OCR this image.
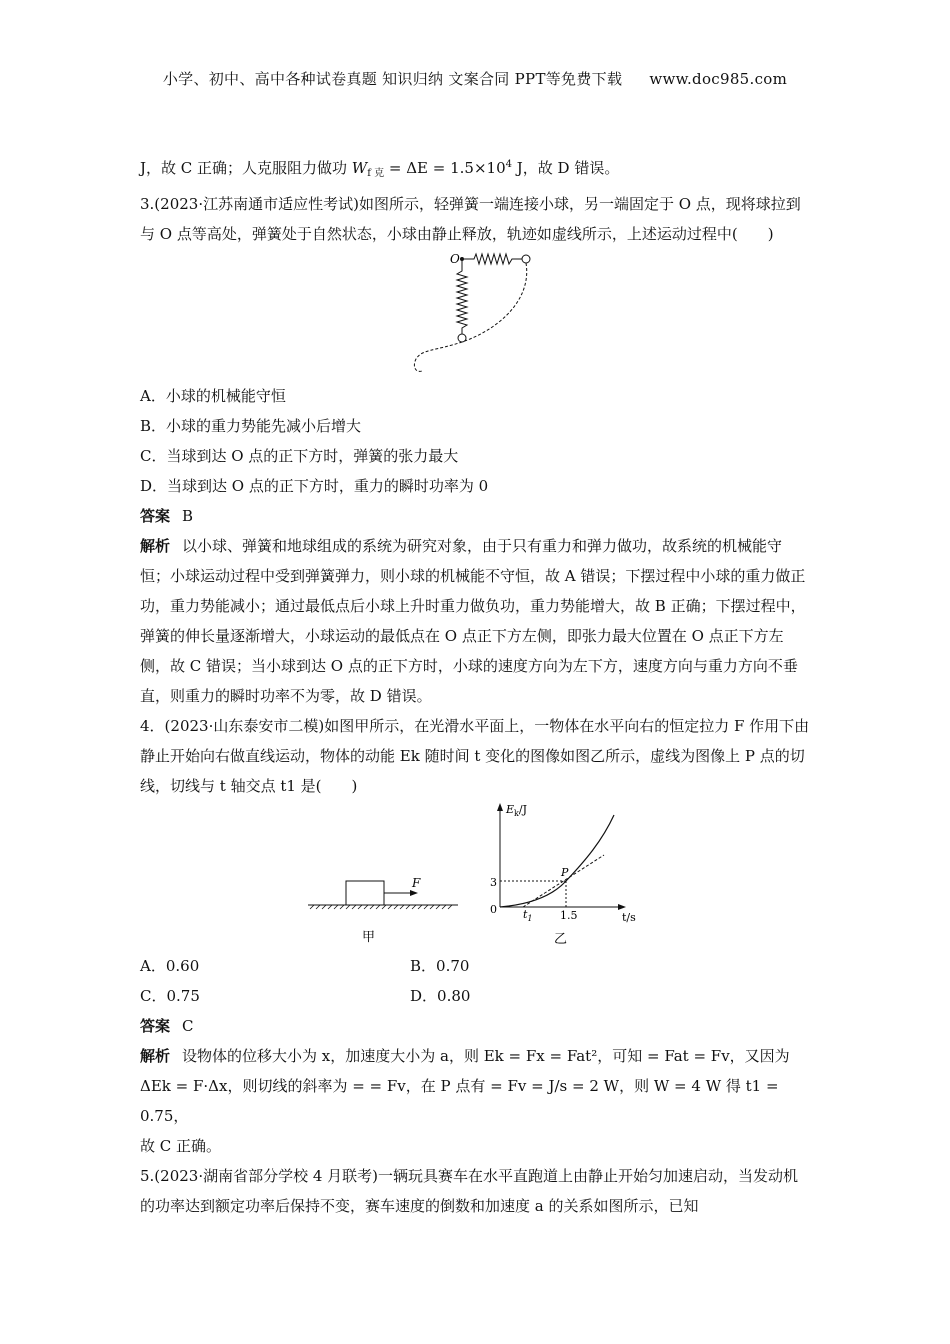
小学、初中、高中各种试卷真题 知识归纳 文案合同 PPT等免费下载 www.doc985.com

J，故 C 正确；人克服阻力做功 $W_{f 克} = \Delta E = 1.5\times 10^4$ J，故 D 错误。

3.(2023·江苏南通市适应性考试)如图所示，轻弹簧一端连接小球，另一端固定于 O 点，现将球拉到与 O 点等高处，弹簧处于自然状态，小球由静止释放，轨迹如虚线所示，上述运动过程中(　　)

O

A．小球的机械能守恒

B．小球的重力势能先减小后增大

C．当球到达 O 点的正下方时，弹簧的张力最大

D．当球到达 O 点的正下方时，重力的瞬时功率为 0

答案 B

解析 以小球、弹簧和地球组成的系统为研究对象，由于只有重力和弹力做功，故系统的机械能守恒；小球运动过程中受到弹簧弹力，则小球的机械能不守恒，故 A 错误；下摆过程中小球的重力做正功，重力势能减小；通过最低点后小球上升时重力做负功，重力势能增大，故 B 正确；下摆过程中，弹簧的伸长量逐渐增大，小球运动的最低点在 O 点正下方左侧，即张力最大位置在 O 点正下方左侧，故 C 错误；当小球到达 O 点的正下方时，小球的速度方向为左下方，速度方向与重力方向不垂直，则重力的瞬时功率不为零，故 D 错误。

4．(2023·山东泰安市二模)如图甲所示，在光滑水平面上，一物体在水平向右的恒定拉力 F 作用下由静止开始向右做直线运动，物体的动能 Ek 随时间 t 变化的图像如图乙所示，虚线为图像上 P 点的切线，切线与 t 轴交点 t1 是(　　)

F
甲
$E_k/J$
t/s
0
3
1.5
$t_1$
P
乙
A．0.60	B．0.70
C．0.75	D．0.80

答案 C

解析 设物体的位移大小为 x，加速度大小为 a，则 Ek = Fx = Fat²，可知 = Fat = Fv，又因为

ΔEk = F·Δx，则切线的斜率为 = = Fv，在 P 点有 = Fv = J/s = 2 W，则 W = 4 W 得 t1 = 0.75，

故 C 正确。

5.(2023·湖南省部分学校 4 月联考)一辆玩具赛车在水平直跑道上由静止开始匀加速启动，当发动机的功率达到额定功率后保持不变，赛车速度的倒数和加速度 a 的关系如图所示，已知
